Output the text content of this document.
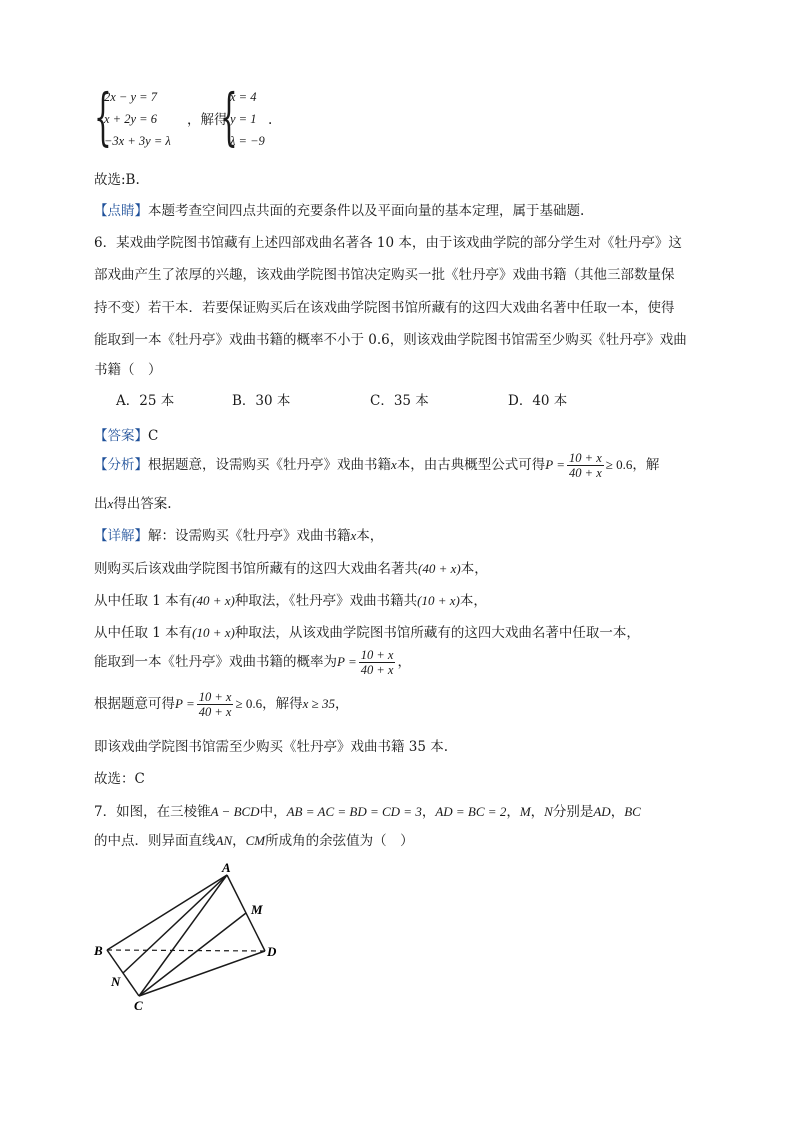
{
2x − y = 7
x + 2y = 6
−3x + 3y = λ
，解得
{
x = 4
y = 1
λ = −9
.
故选:B.
【点睛】本题考查空间四点共面的充要条件以及平面向量的基本定理，属于基础题.
6．某戏曲学院图书馆藏有上述四部戏曲名著各 10 本，由于该戏曲学院的部分学生对《牡丹亭》这
部戏曲产生了浓厚的兴趣，该戏曲学院图书馆决定购买一批《牡丹亭》戏曲书籍（其他三部数量保
持不变）若干本．若要保证购买后在该戏曲学院图书馆所藏有的这四大戏曲名著中任取一本，使得
能取到一本《牡丹亭》戏曲书籍的概率不小于 0.6，则该戏曲学院图书馆需至少购买《牡丹亭》戏曲
书籍（　）
A．25 本	B．30 本	C．35 本	D．40 本
【答案】C
【分析】根据题意，设需购买《牡丹亭》戏曲书籍x本，由古典概型公式可得$P = \frac{10 + x}{40 + x} \ge 0.6$，解
出x得出答案.
【详解】解：设需购买《牡丹亭》戏曲书籍x本，
则购买后该戏曲学院图书馆所藏有的这四大戏曲名著共(40 + x)本，
从中任取 1 本有(40 + x)种取法，《牡丹亭》戏曲书籍共(10 + x)本，
从中任取 1 本有(10 + x)种取法，从该戏曲学院图书馆所藏有的这四大戏曲名著中任取一本，
能取到一本《牡丹亭》戏曲书籍的概率为$P = \frac{10 + x}{40 + x}$ ，
根据题意可得$P = \frac{10 + x}{40 + x} \ge 0.6$，解得x ≥ 35，
即该戏曲学院图书馆需至少购买《牡丹亭》戏曲书籍 35 本.
故选：C
7．如图，在三棱锥A − BCD中，AB = AC = BD = CD = 3，AD = BC = 2，M，N分别是AD，BC
的中点．则异面直线AN，CM所成角的余弦值为（　）
A
B
C
D
M
N
